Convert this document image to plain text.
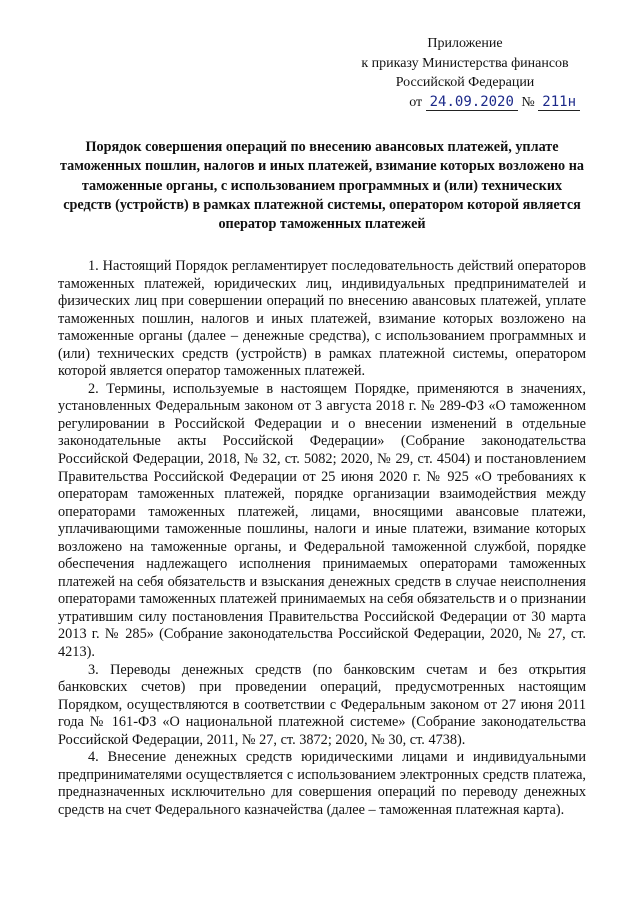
Приложение
к приказу Министерства финансов
Российской Федерации
от 24.09.2020 № 211н
Порядок совершения операций по внесению авансовых платежей, уплате таможенных пошлин, налогов и иных платежей, взимание которых возложено на таможенные органы, с использованием программных и (или) технических средств (устройств) в рамках платежной системы, оператором которой является оператор таможенных платежей

1. Настоящий Порядок регламентирует последовательность действий операторов таможенных платежей, юридических лиц, индивидуальных предпринимателей и физических лиц при совершении операций по внесению авансовых платежей, уплате таможенных пошлин, налогов и иных платежей, взимание которых возложено на таможенные органы (далее – денежные средства), с использованием программных и (или) технических средств (устройств) в рамках платежной системы, оператором которой является оператор таможенных платежей.

2. Термины, используемые в настоящем Порядке, применяются в значениях, установленных Федеральным законом от 3 августа 2018 г. № 289-ФЗ «О таможенном регулировании в Российской Федерации и о внесении изменений в отдельные законодательные акты Российской Федерации» (Собрание законодательства Российской Федерации, 2018, № 32, ст. 5082; 2020, № 29, ст. 4504) и постановлением Правительства Российской Федерации от 25 июня 2020 г. № 925 «О требованиях к операторам таможенных платежей, порядке организации взаимодействия между операторами таможенных платежей, лицами, вносящими авансовые платежи, уплачивающими таможенные пошлины, налоги и иные платежи, взимание которых возложено на таможенные органы, и Федеральной таможенной службой, порядке обеспечения надлежащего исполнения принимаемых операторами таможенных платежей на себя обязательств и взыскания денежных средств в случае неисполнения операторами таможенных платежей принимаемых на себя обязательств и о признании утратившим силу постановления Правительства Российской Федерации от 30 марта 2013 г. № 285» (Собрание законодательства Российской Федерации, 2020, № 27, ст. 4213).

3. Переводы денежных средств (по банковским счетам и без открытия банковских счетов) при проведении операций, предусмотренных настоящим Порядком, осуществляются в соответствии с Федеральным законом от 27 июня 2011 года № 161-ФЗ «О национальной платежной системе» (Собрание законодательства Российской Федерации, 2011, № 27, ст. 3872; 2020, № 30, ст. 4738).

4. Внесение денежных средств юридическими лицами и индивидуальными предпринимателями осуществляется с использованием электронных средств платежа, предназначенных исключительно для совершения операций по переводу денежных средств на счет Федерального казначейства (далее – таможенная платежная карта).
